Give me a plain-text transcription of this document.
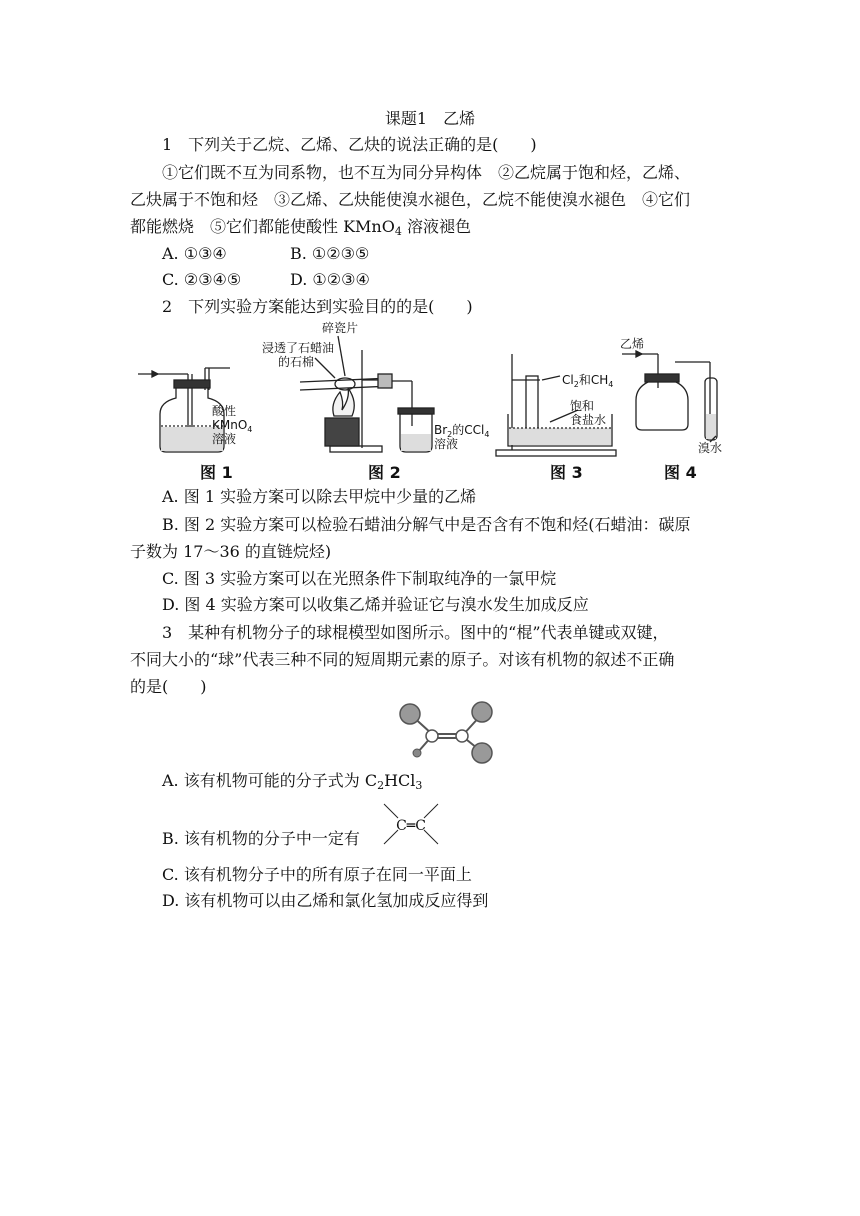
课题1　乙烯
1　下列关于乙烷、乙烯、乙炔的说法正确的是(　　)
①它们既不互为同系物，也不互为同分异构体　②乙烷属于饱和烃，乙烯、
乙炔属于不饱和烃　③乙烯、乙炔能使溴水褪色，乙烷不能使溴水褪色　④它们
都能燃烧　⑤它们都能使酸性 KMnO$_4$ 溶液褪色
A. ①③④	B. ①②③⑤
C. ②③④⑤	D. ①②③④
2　下列实验方案能达到实验目的的是(　　)
酸性
KMnO$_4$
溶液
碎瓷片
浸透了石蜡油
的石棉
$Br_2$的CCl$_4$
溶液
$Cl_2$和$CH_4$
饱和
食盐水
乙烯
溴水
图 1	图 2	图 3	图 4
A. 图 1 实验方案可以除去甲烷中少量的乙烯
B. 图 2 实验方案可以检验石蜡油分解气中是否含有不饱和烃(石蜡油：碳原
子数为 17～36 的直链烷烃)
C. 图 3 实验方案可以在光照条件下制取纯净的一氯甲烷
D. 图 4 实验方案可以收集乙烯并验证它与溴水发生加成反应
3　某种有机物分子的球棍模型如图所示。图中的“棍”代表单键或双键，
不同大小的“球”代表三种不同的短周期元素的原子。对该有机物的叙述不正确
的是(　　)
A. 该有机物可能的分子式为 $C_2HCl_3$
B. 该有机物的分子中一定有
C═C
C. 该有机物分子中的所有原子在同一平面上
D. 该有机物可以由乙烯和氯化氢加成反应得到
